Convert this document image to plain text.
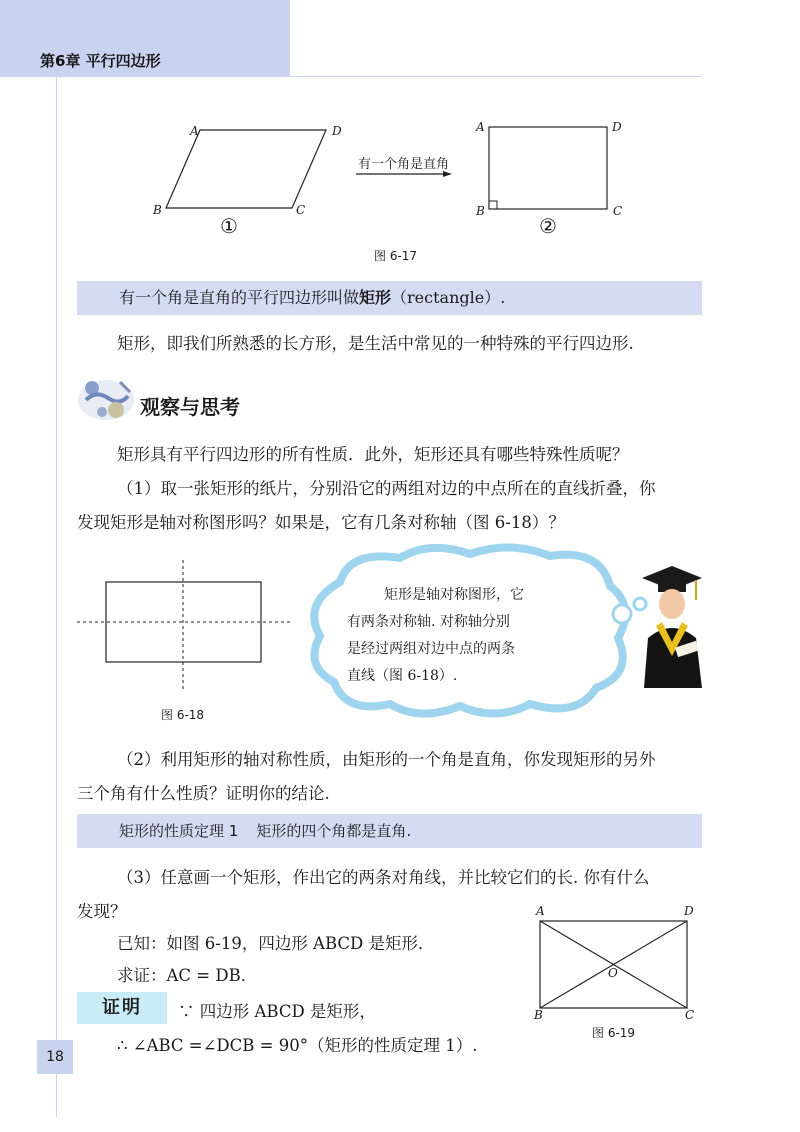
第6章 平行四边形
A	D
B	C
①
有一个角是直角
A	D
B	C
②
图 6-17
有一个角是直角的平行四边形叫做矩形（rectangle）.
矩形，即我们所熟悉的长方形，是生活中常见的一种特殊的平行四边形.
观察与思考
矩形具有平行四边形的所有性质．此外，矩形还具有哪些特殊性质呢？
（1）取一张矩形的纸片，分别沿它的两组对边的中点所在的直线折叠，你
发现矩形是轴对称图形吗？如果是，它有几条对称轴（图 6-18）？
图 6-18
矩形是轴对称图形，它
有两条对称轴. 对称轴分别
是经过两组对边中点的两条
直线（图 6-18）.
（2）利用矩形的轴对称性质，由矩形的一个角是直角，你发现矩形的另外
三个角有什么性质？证明你的结论.
矩形的性质定理 1 矩形的四个角都是直角.
（3）任意画一个矩形，作出它的两条对角线，并比较它们的长. 你有什么
发现？
已知：如图 6-19，四边形 ABCD 是矩形．
求证：AC = DB．
证明	∵ 四边形 ABCD 是矩形，
∴ ∠ABC =∠DCB = 90°（矩形的性质定理 1）.
A	D
B	C
O
图 6-19
18
